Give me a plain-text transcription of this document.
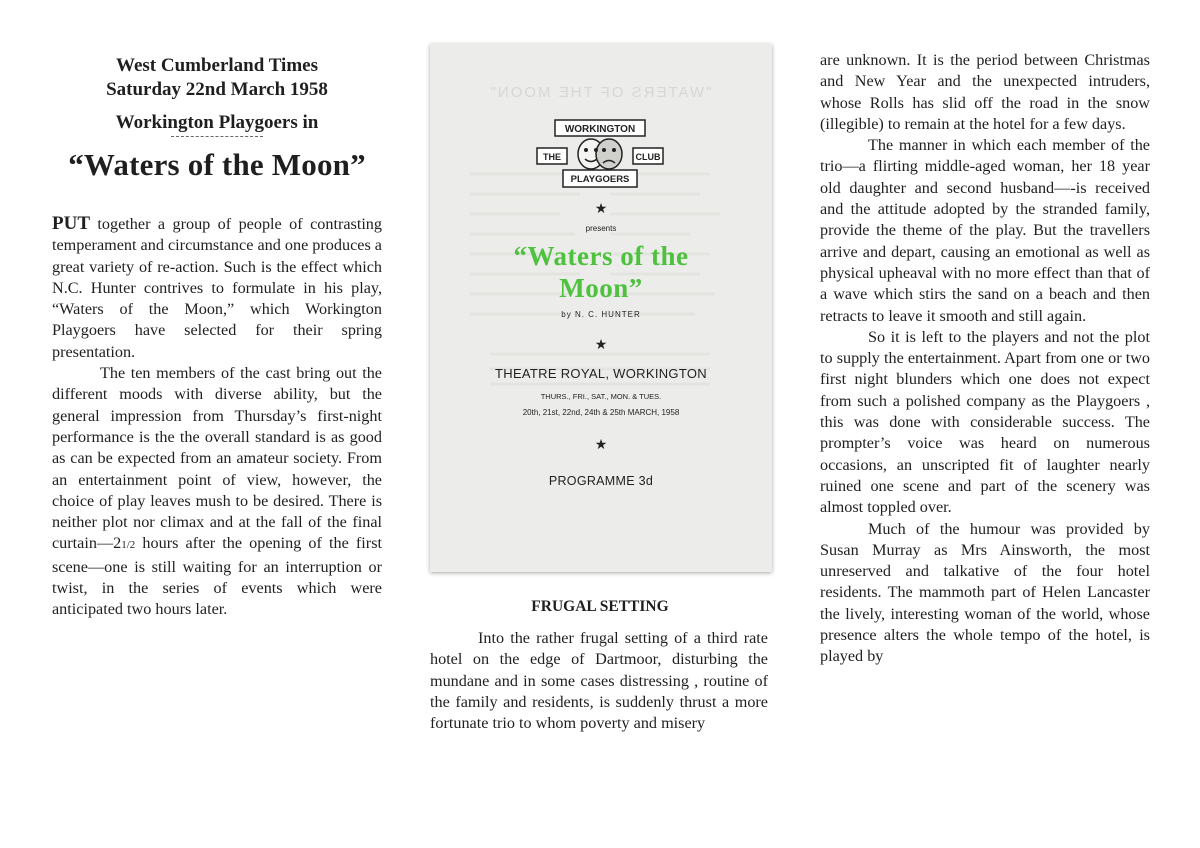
West Cumberland Times
Saturday 22nd March 1958
Workington Playgoers in
“Waters of the Moon”

PUT together a group of people of contrasting temperament and circumstance and one produces a great variety of re-action. Such is the effect which N.C. Hunter contrives to formulate in his play, “Waters of the Moon,” which Workington Playgoers have selected for their spring presentation.

The ten members of the cast bring out the different moods with diverse ability, but the general impression from Thursday’s first-night performance is the the overall standard is as good as can be expected from an amateur society. From an entertainment point of view, however, the choice of play leaves mush to be desired. There is neither plot nor climax and at the fall of the final curtain—21/2 hours after the opening of the first scene—one is still waiting for an interruption or twist, in the series of events which were anticipated two hours later.

"WATERS OF THE MOON"
WORKINGTON
THE	CLUB
PLAYGOERS
★
presents
“Waters of the
Moon”
by N. C. HUNTER
★
THEATRE ROYAL, WORKINGTON
THURS., FRI., SAT., MON. & TUES.
20th, 21st, 22nd, 24th & 25th MARCH, 1958
★
PROGRAMME 3d
FRUGAL SETTING

Into the rather frugal setting of a third rate hotel on the edge of Dartmoor, disturbing the mundane and in some cases distressing , routine of the family and residents, is suddenly thrust a more fortunate trio to whom poverty and misery

are unknown. It is the period between Christmas and New Year and the unexpected intruders, whose Rolls has slid off the road in the snow (illegible) to remain at the hotel for a few days.

The manner in which each member of the trio—a flirting middle-aged woman, her 18 year old daughter and second husband—-is received and the attitude adopted by the stranded family, provide the theme of the play. But the travellers arrive and depart, causing an emotional as well as physical upheaval with no more effect than that of a wave which stirs the sand on a beach and then retracts to leave it smooth and still again.

So it is left to the players and not the plot to supply the entertainment. Apart from one or two first night blunders which one does not expect from such a polished company as the Playgoers , this was done with considerable success. The prompter’s voice was heard on numerous occasions, an unscripted fit of laughter nearly ruined one scene and part of the scenery was almost toppled over.

Much of the humour was provided by Susan Murray as Mrs Ainsworth, the most unreserved and talkative of the four hotel residents. The mammoth part of Helen Lancaster the lively, interesting woman of the world, whose presence alters the whole tempo of the hotel, is played by
